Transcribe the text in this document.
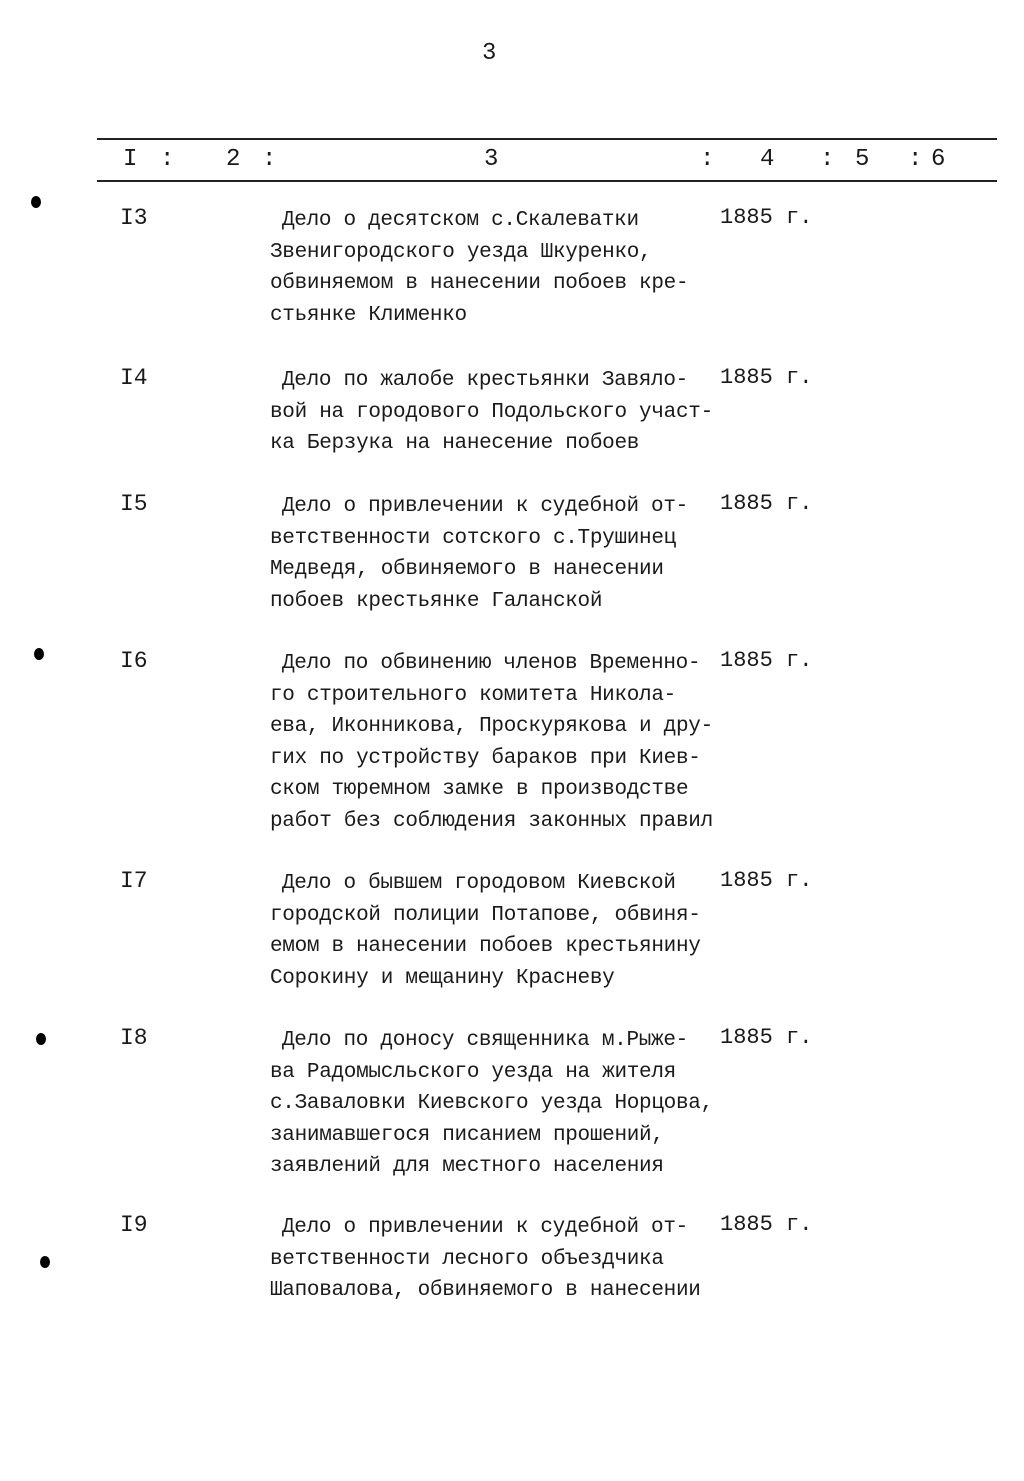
3
I : 2 :	3	: 4 : 5 : 6
I3	Дело о десятском с.Скалеватки
Звенигородского уезда Шкуренко,
обвиняемом в нанесении побоев кре-
стьянке Клименко
1885 г.
I4	Дело по жалобе крестьянки Завяло-
вой на городового Подольского участ-
ка Берзука на нанесение побоев
1885 г.
I5	Дело о привлечении к судебной от-
ветственности сотского с.Трушинец
Медведя, обвиняемого в нанесении
побоев крестьянке Галанской
1885 г.
I6	Дело по обвинению членов Временно-
го строительного комитета Никола-
ева, Иконникова, Проскурякова и дру-
гих по устройству бараков при Киев-
ском тюремном замке в производстве
работ без соблюдения законных правил
1885 г.
I7	Дело о бывшем городовом Киевской
городской полиции Потапове, обвиня-
емом в нанесении побоев крестьянину
Сорокину и мещанину Красневу
1885 г.
I8	Дело по доносу священника м.Рыже-
ва Радомысльского уезда на жителя
с.Заваловки Киевского уезда Норцова,
занимавшегося писанием прошений,
заявлений для местного населения
1885 г.
I9	Дело о привлечении к судебной от-
ветственности лесного объездчика
Шаповалова, обвиняемого в нанесении
1885 г.
